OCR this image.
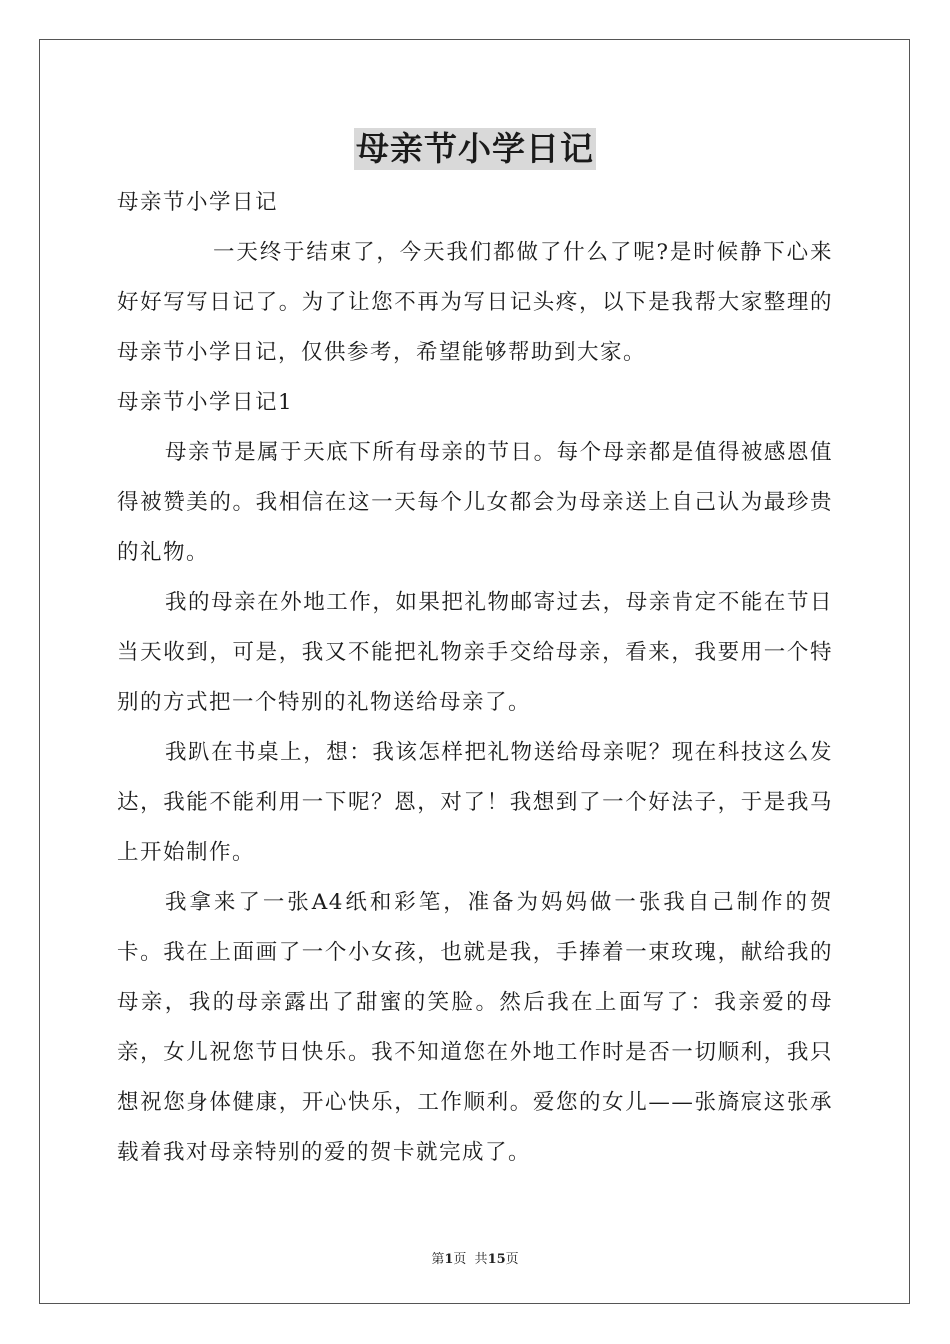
母亲节小学日记

母亲节小学日记

一天终于结束了，今天我们都做了什么了呢?是时候静下心来好好写写日记了。为了让您不再为写日记头疼，以下是我帮大家整理的母亲节小学日记，仅供参考，希望能够帮助到大家。

母亲节小学日记1

母亲节是属于天底下所有母亲的节日。每个母亲都是值得被感恩值得被赞美的。我相信在这一天每个儿女都会为母亲送上自己认为最珍贵的礼物。

我的母亲在外地工作，如果把礼物邮寄过去，母亲肯定不能在节日当天收到，可是，我又不能把礼物亲手交给母亲，看来，我要用一个特别的方式把一个特别的礼物送给母亲了。

我趴在书桌上，想：我该怎样把礼物送给母亲呢？现在科技这么发达，我能不能利用一下呢？恩，对了！我想到了一个好法子，于是我马上开始制作。

我拿来了一张A4纸和彩笔，准备为妈妈做一张我自己制作的贺卡。我在上面画了一个小女孩，也就是我，手捧着一束玫瑰，献给我的母亲，我的母亲露出了甜蜜的笑脸。然后我在上面写了：我亲爱的母亲，女儿祝您节日快乐。我不知道您在外地工作时是否一切顺利，我只想祝您身体健康，开心快乐，工作顺利。爱您的女儿——张旖宸这张承载着我对母亲特别的爱的贺卡就完成了。

第1页 共15页
